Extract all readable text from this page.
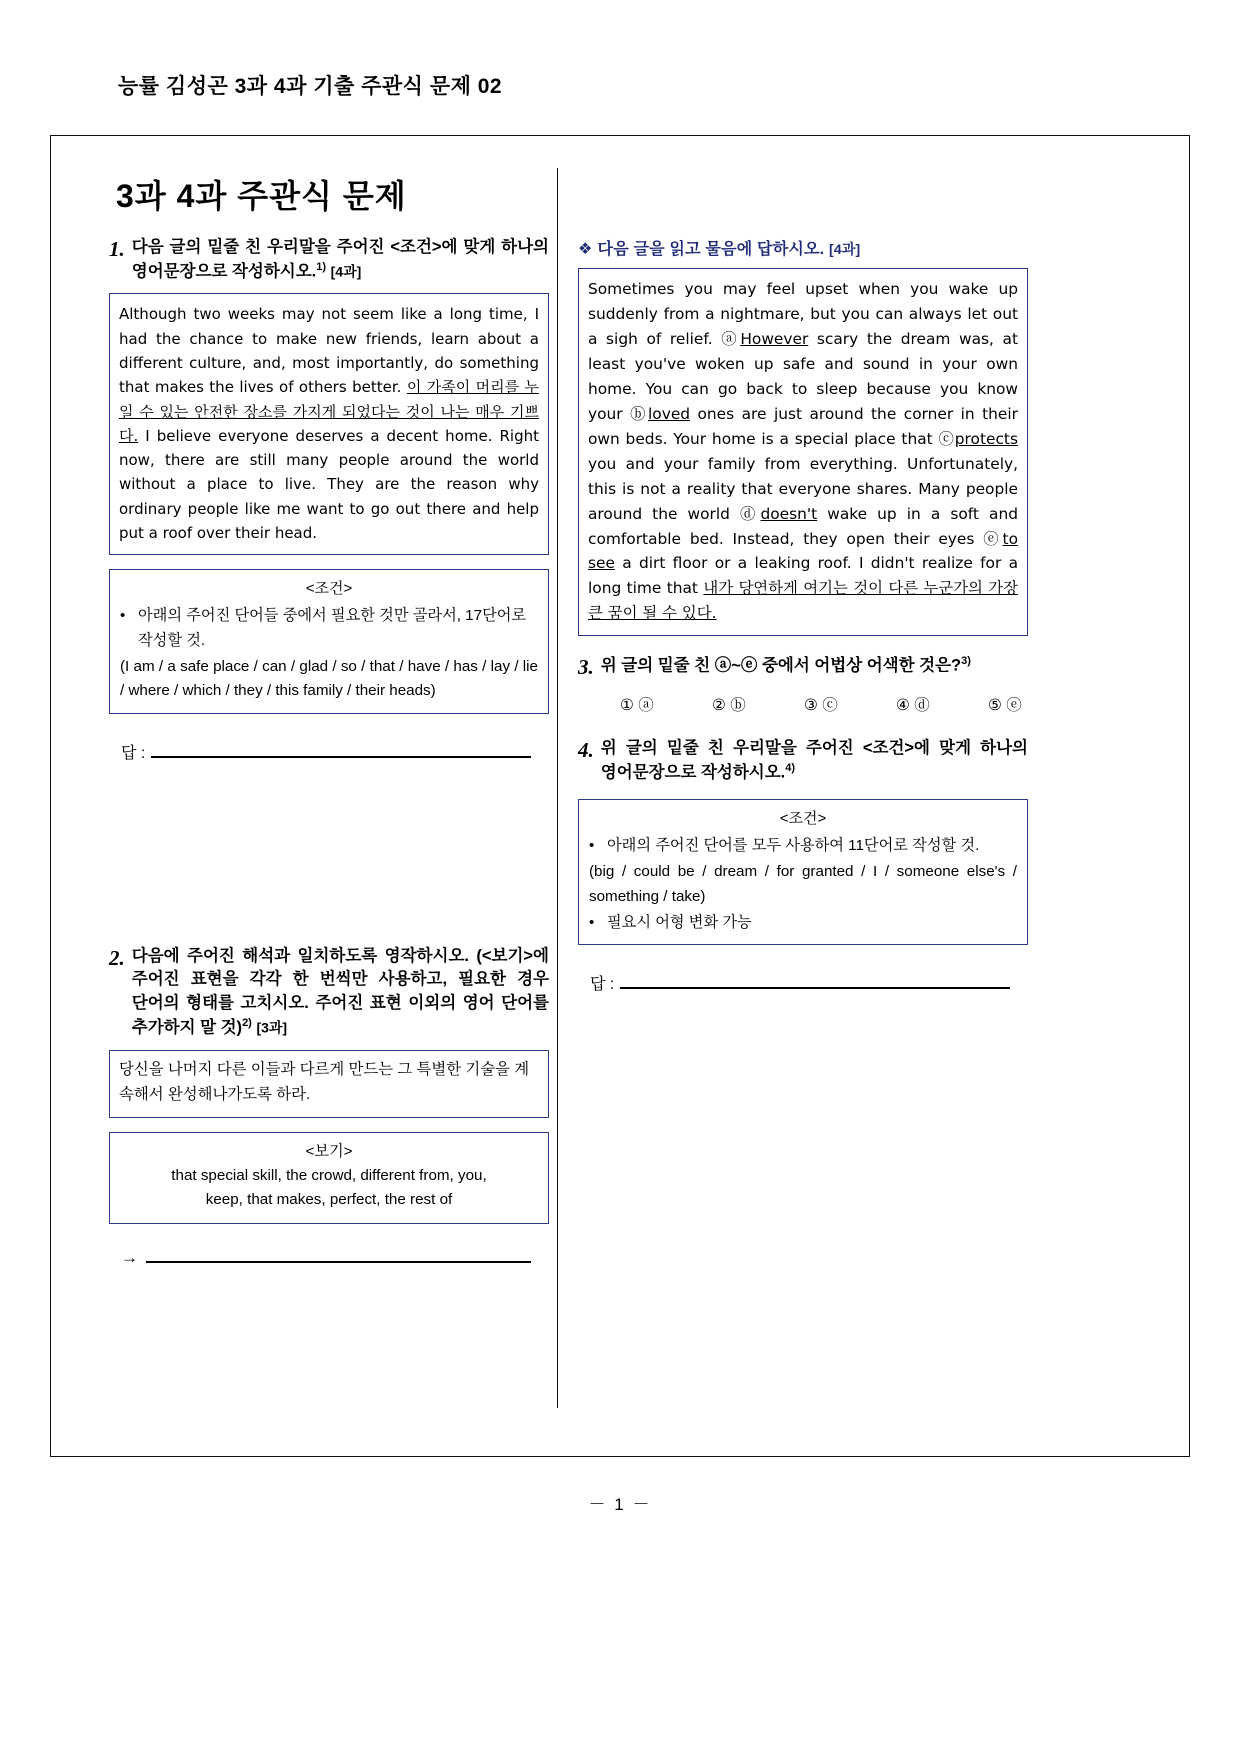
능률 김성곤 3과 4과 기출 주관식 문제 02
3과 4과 주관식 문제
1. 다음 글의 밑줄 친 우리말을 주어진 <조건>에 맞게 하나의 영어문장으로 작성하시오.$^{1)}$ [4과]
Although two weeks may not seem like a long time, I had the chance to make new friends, learn about a different culture, and, most importantly, do something that makes the lives of others better. 이 가족이 머리를 누일 수 있는 안전한 장소를 가지게 되었다는 것이 나는 매우 기쁘다. I believe everyone deserves a decent home. Right now, there are still many people around the world without a place to live. They are the reason why ordinary people like me want to go out there and help put a roof over their head.
<조건>
• 아래의 주어진 단어들 중에서 필요한 것만 골라서, 17단어로 작성할 것.
(I am / a safe place / can / glad / so / that / have / has / lay / lie / where / which / they / this family / their heads)
답 :
2. 다음에 주어진 해석과 일치하도록 영작하시오. (<보기>에 주어진 표현을 각각 한 번씩만 사용하고, 필요한 경우 단어의 형태를 고치시오. 주어진 표현 이외의 영어 단어를 추가하지 말 것)$^{2)}$ [3과]
당신을 나머지 다른 이들과 다르게 만드는 그 특별한 기술을 계속해서 완성해나가도록 하라.
<보기>
that special skill, the crowd, different from, you,
keep, that makes, perfect, the rest of
→
❖ 다음 글을 읽고 물음에 답하시오. [4과]
Sometimes you may feel upset when you wake up suddenly from a nightmare, but you can always let out a sigh of relief. ⓐHowever scary the dream was, at least you've woken up safe and sound in your own home. You can go back to sleep because you know your ⓑloved ones are just around the corner in their own beds. Your home is a special place that ⓒprotects you and your family from everything. Unfortunately, this is not a reality that everyone shares. Many people around the world ⓓdoesn't wake up in a soft and comfortable bed. Instead, they open their eyes ⓔto see a dirt floor or a leaking roof. I didn't realize for a long time that 내가 당연하게 여기는 것이 다른 누군가의 가장 큰 꿈이 될 수 있다.
3. 위 글의 밑줄 친 ⓐ~ⓔ 중에서 어법상 어색한 것은?$^{3)}$
① ⓐ	② ⓑ	③ ⓒ	④ ⓓ	⑤ ⓔ
4. 위 글의 밑줄 친 우리말을 주어진 <조건>에 맞게 하나의 영어문장으로 작성하시오.$^{4)}$
<조건>
• 아래의 주어진 단어를 모두 사용하여 11단어로 작성할 것.
(big / could be / dream / for granted / I / someone else's / something / take)
• 필요시 어형 변화 가능
답 :
－ 1 －
